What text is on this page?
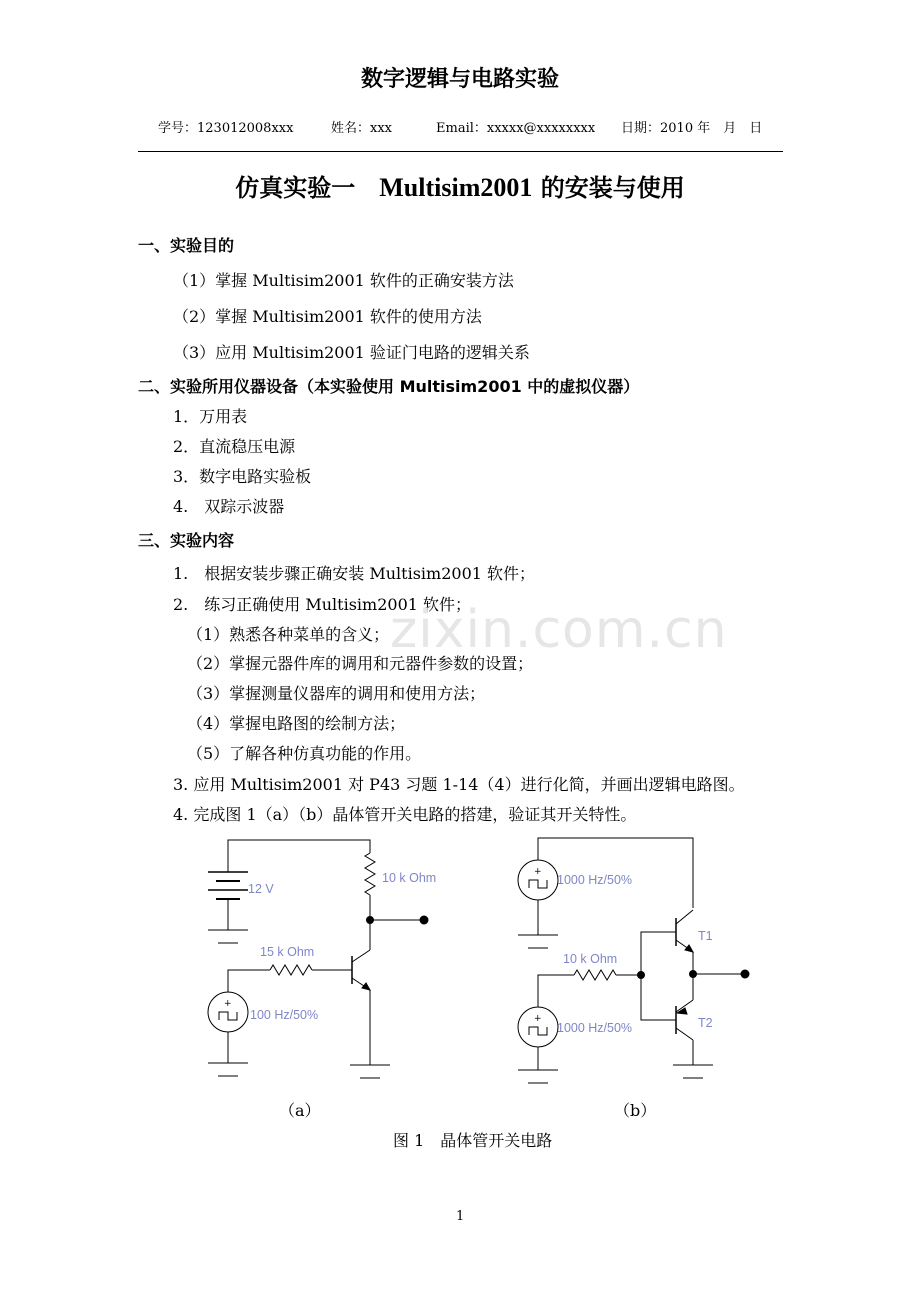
数字逻辑与电路实验
学号：123012008xxx	姓名：xxx	Email：xxxxx@xxxxxxxx 日期：2010 年　月　日
仿真实验一　Multisim2001 的安装与使用
一、实验目的
（1）掌握 Multisim2001 软件的正确安装方法
（2）掌握 Multisim2001 软件的使用方法
（3）应用 Multisim2001 验证门电路的逻辑关系
二、实验所用仪器设备（本实验使用 Multisim2001 中的虚拟仪器）
1．万用表
2．直流稳压电源
3．数字电路实验板
4.　双踪示波器
三、实验内容
1.　根据安装步骤正确安装 Multisim2001 软件；
2.　练习正确使用 Multisim2001 软件；
（1）熟悉各种菜单的含义；
（2）掌握元器件库的调用和元器件参数的设置；
（3）掌握测量仪器库的调用和使用方法；
（4）掌握电路图的绘制方法；
（5）了解各种仿真功能的作用。
3. 应用 Multisim2001 对 P43 习题 1-14（4）进行化简，并画出逻辑电路图。
4. 完成图 1（a）（b）晶体管开关电路的搭建，验证其开关特性。
zixin.com.cn
+
+
+
12 V
10 k Ohm
15 k Ohm
100 Hz/50%
1000 Hz/50%
10 k Ohm
1000 Hz/50%
T1
T2
（a）	（b）
图 1　晶体管开关电路
1
